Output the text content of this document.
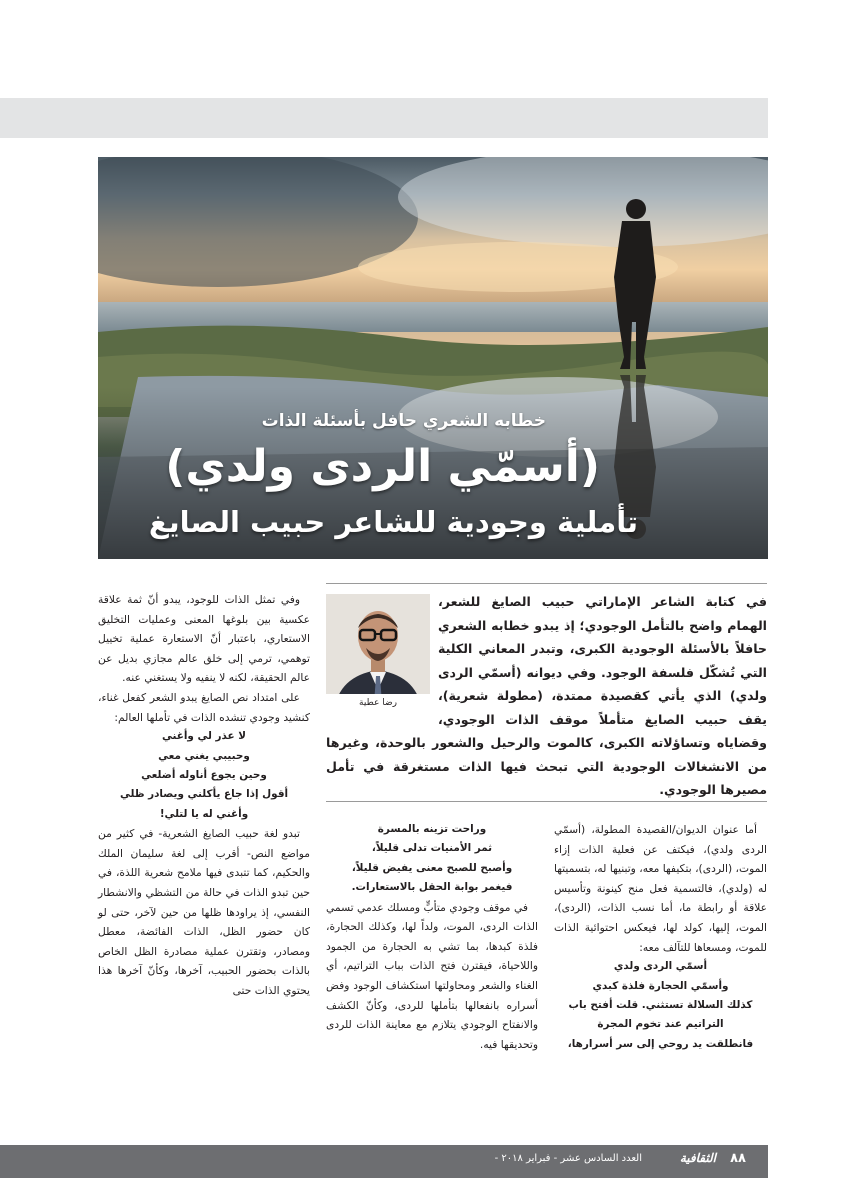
خطابه الشعري حافل بأسئلة الذات
(أسمّي الردى ولدي)
تأملية وجودية للشاعر حبيب الصايغ
رضا عطية
في كتابة الشاعر الإماراتي حبيب الصايغ للشعر، الهمام واضح بالتأمل الوجودي؛ إذ يبدو خطابه الشعري حافلاً بالأسئلة الوجودية الكبرى، وتبدر المعاني الكلية التي تُشكّل فلسفة الوجود. وفي ديوانه (أسمّي الردى ولدي) الذي يأتي كقصيدة ممتدة، (مطولة شعرية)، يقف حبيب الصايغ متأملاً موقف الذات الوجودي، وقضاياه وتساؤلاته الكبرى، كالموت والرحيل والشعور بالوحدة، وغيرها من الانشغالات الوجودية التي تبحث فيها الذات مستغرقة في تأمل مصيرها الوجودي.

أما عنوان الديوان/القصيدة المطولة، (أسمّي الردى ولدي)، فيكتف عن فعلية الذات إزاء الموت، (الردى)، بتكيفها معه، وتبنيها له، بتسميتها له (ولدي)، فالتسمية فعل منح كينونة وتأسيس علاقة أو رابطة ما، أما نسب الذات، (الردى)، الموت، إليها، كولد لها، فيعكس احتوائية الذات للموت، ومسعاها للتآلف معه:

أسمّي الردى ولدي
وأسمّي الحجارة فلذة كبدي
كذلك السلالة تستثني. قلت أفتح باب
التراتيم عند تخوم المجرة
فانطلقت يد روحي إلى سر أسرارها،
وراحت تزينه بالمسرة
ثمر الأمنيات تدلى قليلاً،
وأصبح للصبح معنى يفيض قليلاً،
فيغمر بوابة الحقل بالاستعارات.

في موقف وجودي متأبٍّ ومسلك عدمي تسمي الذات الردى، الموت، ولداً لها، وكذلك الحجارة، فلذة كبدها، بما تشي به الحجارة من الجمود واللاحياة، فيقترن فتح الذات بباب التراتيم، أي الغناء والشعر ومحاولتها استكشاف الوجود وفض أسراره بانفعالها بتأملها للردى، وكأنّ الكشف والانفتاح الوجودي يتلازم مع معاينة الذات للردى وتحديقها فيه.

وفي تمثل الذات للوجود، يبدو أنّ ثمة علاقة عكسية بين بلوغها المعنى وعمليات التخليق الاستعاري، باعتبار أنّ الاستعارة عملية تخييل توهمي، ترمي إلى خلق عالم مجازي بديل عن عالم الحقيقة، لكنه لا ينفيه ولا يستغني عنه.

على امتداد نص الصايغ يبدو الشعر كفعل غناء، كنشيد وجودي تنشده الذات في تأملها العالم:

لا عذر لي وأغني
وحبيبي يغني معي
وحين يجوع أناوله أضلعي
أقول إذا جاع يأكلني ويصادر ظلي
وأغني له يا لتلي!

تبدو لغة حبيب الصايغ الشعرية- في كثير من مواضع النص- أقرب إلى لغة سليمان الملك والحكيم، كما تتبدى فيها ملامح شعرية اللذة، في حين تبدو الذات في حالة من التشظي والانشطار النفسي، إذ يراودها ظلها من حين لآخر، حتى لو كان حضور الظل، الذات الفائضة، معطل ومصادر، وتقترن عملية مصادرة الظل الخاص بالذات بحضور الحبيب، آخرها، وكأنّ آخرها هذا يحتوي الذات حتى

٨٨
الثقافية
العدد السادس عشر - فبراير ٢٠١٨ -
